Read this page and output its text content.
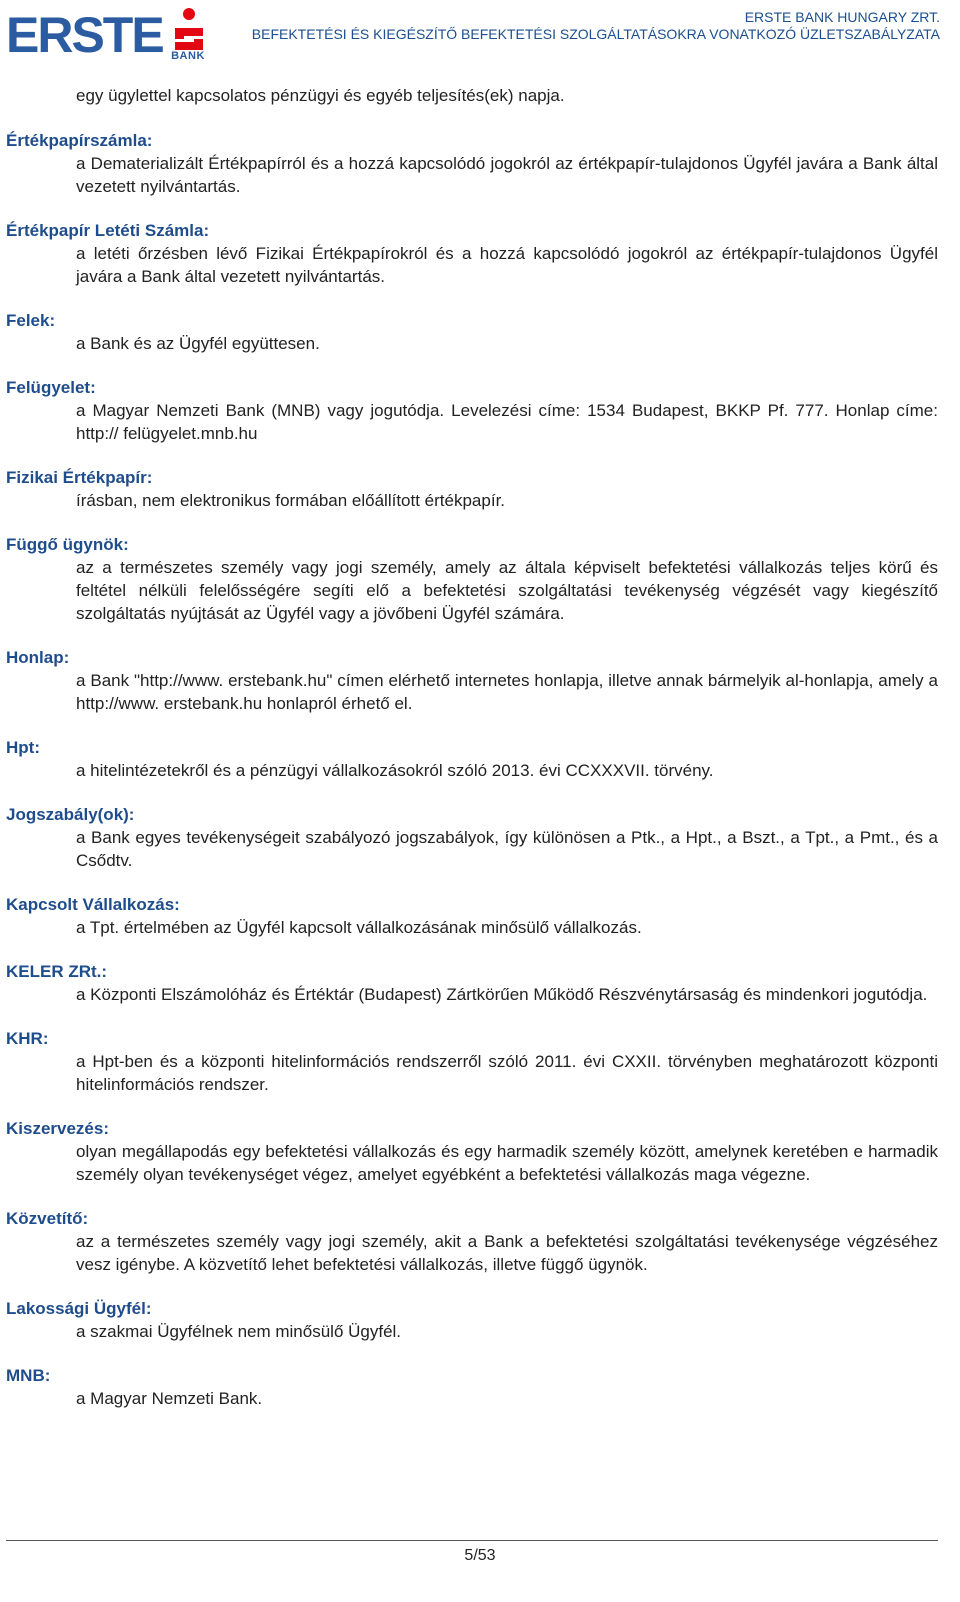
ERSTE BANK
ERSTE BANK HUNGARY ZRT.
BEFEKTETÉSI ÉS KIEGÉSZÍTŐ BEFEKTETÉSI SZOLGÁLTATÁSOKRA VONATKOZÓ ÜZLETSZABÁLYZATA

egy ügylettel kapcsolatos pénzügyi és egyéb teljesítés(ek) napja.

Értékpapírszámla:

a Dematerializált Értékpapírról és a hozzá kapcsolódó jogokról az értékpapír-tulajdonos Ügyfél javára a Bank által vezetett nyilvántartás.

Értékpapír Letéti Számla:

a letéti őrzésben lévő Fizikai Értékpapírokról és a hozzá kapcsolódó jogokról az értékpapír-tulajdonos Ügyfél javára a Bank által vezetett nyilvántartás.

Felek:

a Bank és az Ügyfél együttesen.

Felügyelet:

a Magyar Nemzeti Bank (MNB) vagy jogutódja. Levelezési címe: 1534 Budapest, BKKP Pf. 777. Honlap címe: http:// felügyelet.mnb.hu

Fizikai Értékpapír:

írásban, nem elektronikus formában előállított értékpapír.

Függő ügynök:

az a természetes személy vagy jogi személy, amely az általa képviselt befektetési vállalkozás teljes körű és feltétel nélküli felelősségére segíti elő a befektetési szolgáltatási tevékenység végzését vagy kiegészítő szolgáltatás nyújtását az Ügyfél vagy a jövőbeni Ügyfél számára.

Honlap:

a Bank "http://www. erstebank.hu" címen elérhető internetes honlapja, illetve annak bármelyik al-honlapja, amely a http://www. erstebank.hu honlapról érhető el.

Hpt:

a hitelintézetekről és a pénzügyi vállalkozásokról szóló 2013. évi CCXXXVII. törvény.

Jogszabály(ok):

a Bank egyes tevékenységeit szabályozó jogszabályok, így különösen a Ptk., a Hpt., a Bszt., a Tpt., a Pmt., és a Csődtv.

Kapcsolt Vállalkozás:

a Tpt. értelmében az Ügyfél kapcsolt vállalkozásának minősülő vállalkozás.

KELER ZRt.:

a Központi Elszámolóház és Értéktár (Budapest) Zártkörűen Működő Részvénytársaság és mindenkori jogutódja.

KHR:

a Hpt-ben és a központi hitelinformációs rendszerről szóló 2011. évi CXXII. törvényben meghatározott központi hitelinformációs rendszer.

Kiszervezés:

olyan megállapodás egy befektetési vállalkozás és egy harmadik személy között, amelynek keretében e harmadik személy olyan tevékenységet végez, amelyet egyébként a befektetési vállalkozás maga végezne.

Közvetítő:

az a természetes személy vagy jogi személy, akit a Bank a befektetési szolgáltatási tevékenysége végzéséhez vesz igénybe. A közvetítő lehet befektetési vállalkozás, illetve függő ügynök.

Lakossági Ügyfél:

a szakmai Ügyfélnek nem minősülő Ügyfél.

MNB:

a Magyar Nemzeti Bank.

5/53
